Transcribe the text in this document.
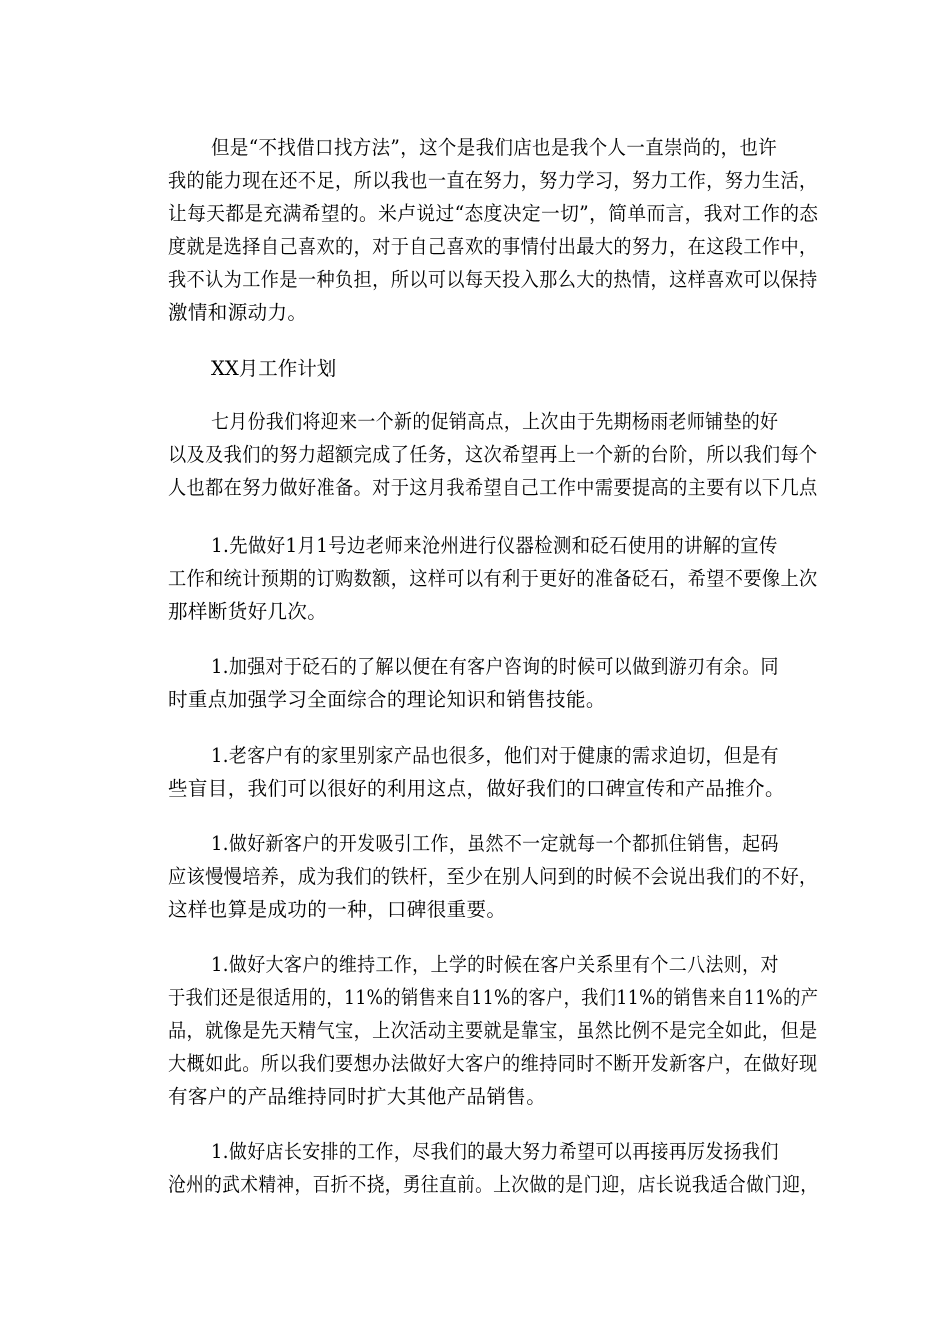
但是“不找借口找方法”，这个是我们店也是我个人一直崇尚的，也许
我的能力现在还不足，所以我也一直在努力，努力学习，努力工作，努力生活，
让每天都是充满希望的。米卢说过“态度决定一切”，简单而言，我对工作的态
度就是选择自己喜欢的，对于自己喜欢的事情付出最大的努力，在这段工作中，
我不认为工作是一种负担，所以可以每天投入那么大的热情，这样喜欢可以保持
激情和源动力。

XX月工作计划

七月份我们将迎来一个新的促销高点，上次由于先期杨雨老师铺垫的好
以及及我们的努力超额完成了任务，这次希望再上一个新的台阶，所以我们每个
人也都在努力做好准备。对于这月我希望自己工作中需要提高的主要有以下几点

1.先做好1月1号边老师来沧州进行仪器检测和砭石使用的讲解的宣传
工作和统计预期的订购数额，这样可以有利于更好的准备砭石，希望不要像上次
那样断货好几次。

1.加强对于砭石的了解以便在有客户咨询的时候可以做到游刃有余。同
时重点加强学习全面综合的理论知识和销售技能。

1.老客户有的家里别家产品也很多，他们对于健康的需求迫切，但是有
些盲目，我们可以很好的利用这点，做好我们的口碑宣传和产品推介。

1.做好新客户的开发吸引工作，虽然不一定就每一个都抓住销售，起码
应该慢慢培养，成为我们的铁杆，至少在别人问到的时候不会说出我们的不好，
这样也算是成功的一种，口碑很重要。

1.做好大客户的维持工作，上学的时候在客户关系里有个二八法则，对
于我们还是很适用的，11%的销售来自11%的客户，我们11%的销售来自11%的产
品，就像是先天精气宝，上次活动主要就是靠宝，虽然比例不是完全如此，但是
大概如此。所以我们要想办法做好大客户的维持同时不断开发新客户，在做好现
有客户的产品维持同时扩大其他产品销售。

1.做好店长安排的工作，尽我们的最大努力希望可以再接再厉发扬我们
沧州的武术精神，百折不挠，勇往直前。上次做的是门迎，店长说我适合做门迎，
